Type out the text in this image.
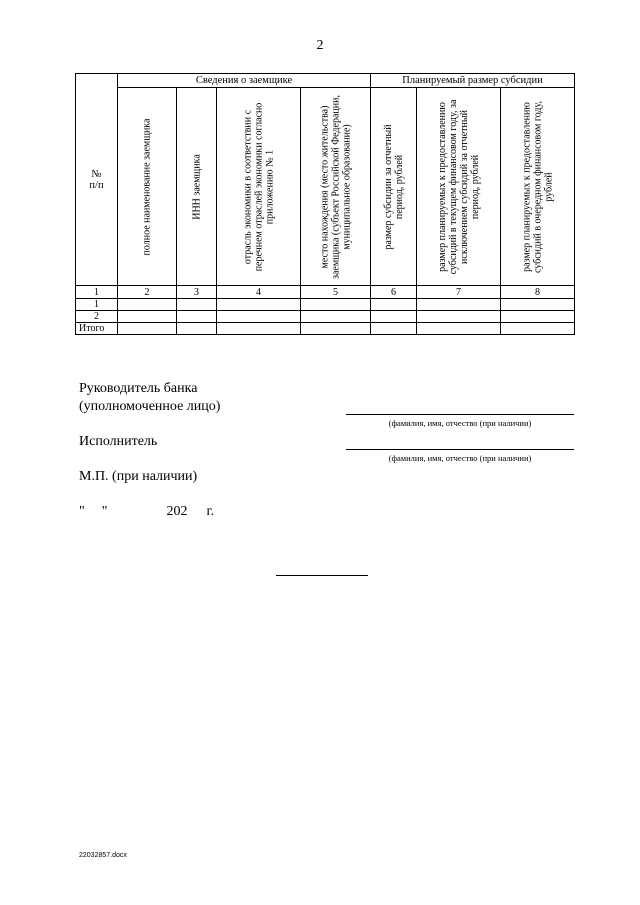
2
№
п/п	Сведения о заемщике				Планируемый размер субсидии		

	полное наименование заемщика	ИНН заемщика	отрасль экономики в соответствии с перечнем отраслей экономики согласно приложению № 1	место нахождения (место жительства) заемщика (субъект Российской Федерации, муниципальное образование)	размер субсидии за отчетный период, рублей	размер планируемых к предоставлению субсидий в текущем финансовом году, за исключением субсидий за отчетный период, рублей	размер планируемых к предоставлению субсидий в очередном финансовом году, рублей

1	2	3	4	5	6	7	8
1							
2							
Итого							
Руководитель банка
(уполномоченное лицо)
(фамилия, имя, отчество (при наличии)
Исполнитель
(фамилия, имя, отчество (при наличии)
М.П. (при наличии)
" "	202 г.
22032857.docx
